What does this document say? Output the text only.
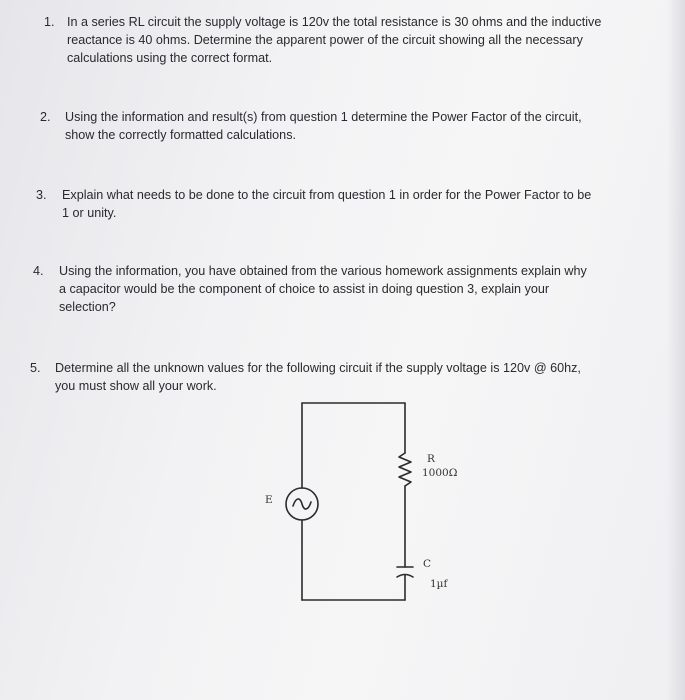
1. In a series RL circuit the supply voltage is 120v the total resistance is 30 ohms and the inductive
reactance is 40 ohms. Determine the apparent power of the circuit showing all the necessary
calculations using the correct format.
2. Using the information and result(s) from question 1 determine the Power Factor of the circuit,
show the correctly formatted calculations.
3. Explain what needs to be done to the circuit from question 1 in order for the Power Factor to be
1 or unity.
4. Using the information, you have obtained from the various homework assignments explain why
a capacitor would be the component of choice to assist in doing question 3, explain your
selection?
5. Determine all the unknown values for the following circuit if the supply voltage is 120v @ 60hz,
you must show all your work.
E
R
1000Ω
C
1µf
